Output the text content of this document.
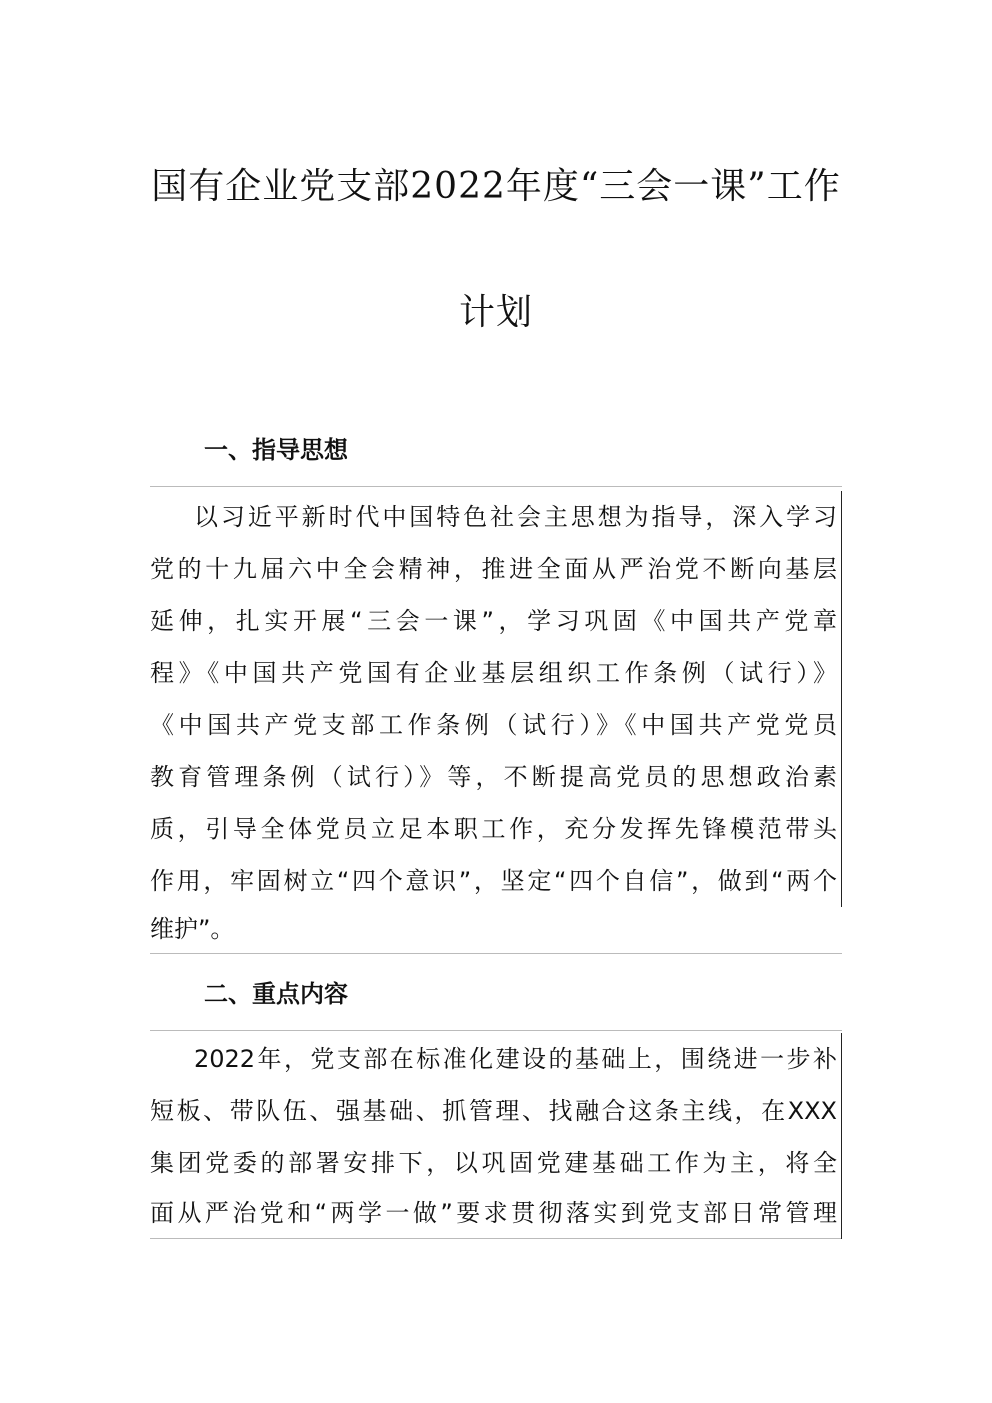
国有企业党支部2022年度“三会一课”工作
计划
一、指导思想
以习近平新时代中国特色社会主思想为指导，深入学习
党的十九届六中全会精神，推进全面从严治党不断向基层
延伸，扎实开展“三会一课”，学习巩固《中国共产党章
程》《中国共产党国有企业基层组织工作条例（试行）》
《中国共产党支部工作条例（试行）》《中国共产党党员
教育管理条例（试行）》等，不断提高党员的思想政治素
质，引导全体党员立足本职工作，充分发挥先锋模范带头
作用，牢固树立“四个意识”，坚定“四个自信”，做到“两个
维护”。
二、重点内容
2022年，党支部在标准化建设的基础上，围绕进一步补
短板、带队伍、强基础、抓管理、找融合这条主线，在XXX
集团党委的部署安排下，以巩固党建基础工作为主，将全
面从严治党和“两学一做”要求贯彻落实到党支部日常管理
